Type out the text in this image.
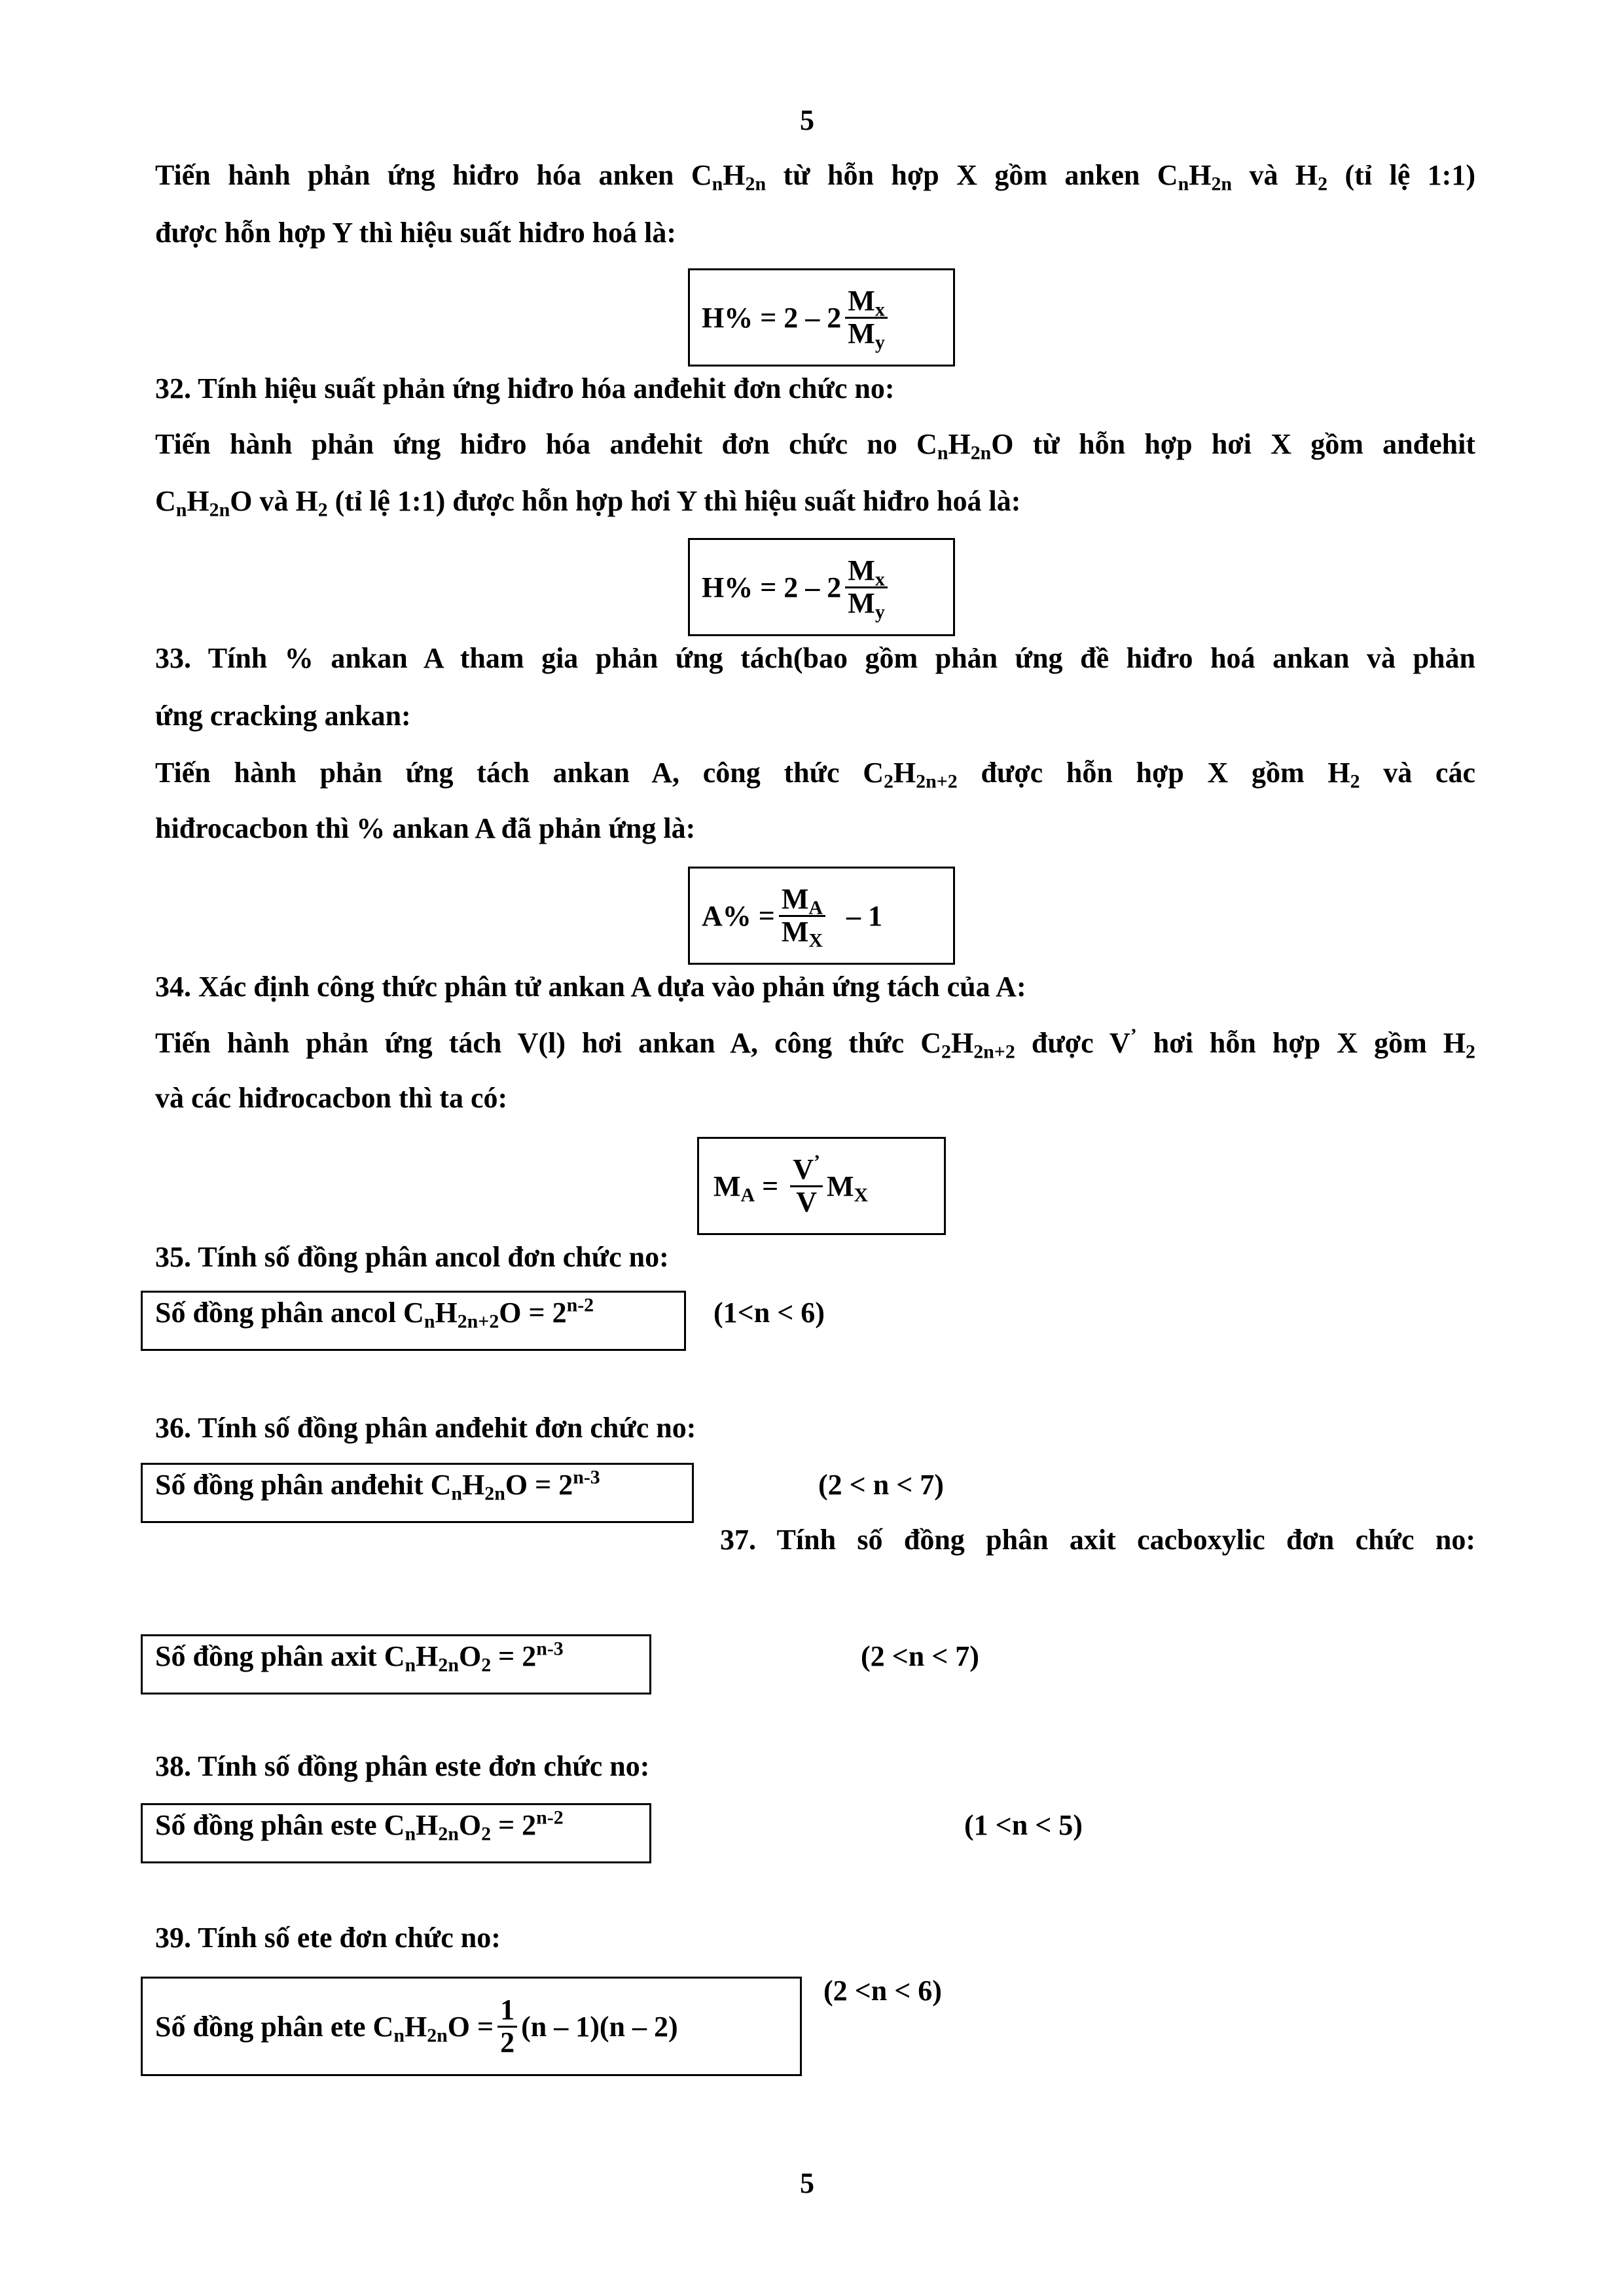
5
Tiến hành phản ứng hiđro hóa anken $C_nH_{2n}$ từ hỗn hợp X gồm anken $C_nH_{2n}$ và $H_2$ (tỉ lệ 1:1)
được hỗn hợp Y thì hiệu suất hiđro hoá là:
$H\% = 2 - 2 \frac{M_x}{M_y}$
32. Tính hiệu suất phản ứng hiđro hóa anđehit đơn chức no:
Tiến hành phản ứng hiđro hóa anđehit đơn chức no $C_nH_{2n}O$ từ hỗn hợp hơi X gồm anđehit
$C_nH_{2n}O$ và $H_2$ (tỉ lệ 1:1) được hỗn hợp hơi Y thì hiệu suất hiđro hoá là:
$H\% = 2 - 2 \frac{M_x}{M_y}$
33. Tính % ankan A tham gia phản ứng tách(bao gồm phản ứng đề hiđro hoá ankan và phản
ứng cracking ankan:
Tiến hành phản ứng tách ankan A, công thức $C_2H_{2n+2}$ được hỗn hợp X gồm $H_2$ và các
hiđrocacbon thì % ankan A đã phản ứng là:
$A\% = \frac{M_A}{M_X} - 1$
34. Xác định công thức phân tử ankan A dựa vào phản ứng tách của A:
Tiến hành phản ứng tách V(l) hơi ankan A, công thức $C_2H_{2n+2}$ được V’ hơi hỗn hợp X gồm $H_2$
và các hiđrocacbon thì ta có:
$M_A = \frac{V^’}{V} M_X$
35. Tính số đồng phân ancol đơn chức no:
Số đồng phân ancol $C_nH_{2n+2}O = 2^{n-2}$	(1<n < 6)
36. Tính số đồng phân anđehit đơn chức no:
Số đồng phân anđehit $C_nH_{2n}O = 2^{n-3}$	(2 < n < 7)
37. Tính số đồng phân axit cacboxylic đơn chức no:
Số đồng phân axit $C_nH_{2n}O_2 = 2^{n-3}$	(2 <n < 7)
38. Tính số đồng phân este đơn chức no:
Số đồng phân este $C_nH_{2n}O_2 = 2^{n-2}$	(1 <n < 5)
39. Tính số ete đơn chức no:
Số đồng phân ete $C_nH_{2n}O = \frac{1}{2} (n - 1)(n - 2)$
(2 <n < 6)
5
